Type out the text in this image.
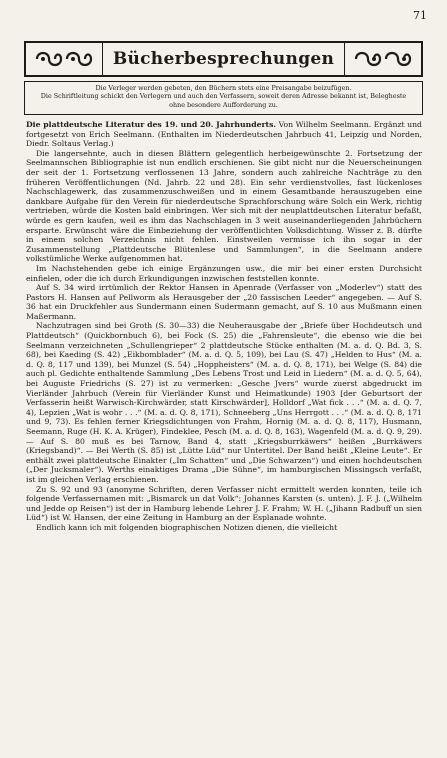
71
Bücherbesprechungen

Die Verleger werden gebeten, den Büchern stets eine Preisangabe beizufügen.

Die Schriftleitung schickt den Verlegern und auch den Verfassern, soweit deren Adresse bekannt ist, Belegheste ohne besondere Aufforderung zu.

Die plattdeutsche Literatur des 19. und 20. Jahrhunderts. Von Wilhelm Seelmann. Ergänzt und fortgesetzt von Erich Seelmann. (Enthalten im Niederdeutschen Jahrbuch 41, Leipzig und Norden, Diedr. Soltaus Verlag.)

Die langersehnte, auch in diesen Blättern gelegentlich herbeigewünschte 2. Fortsetzung der Seelmannschen Bibliographie ist nun endlich erschienen. Sie gibt nicht nur die Neuerscheinungen der seit der 1. Fortsetzung verflossenen 13 Jahre, sondern auch zahlreiche Nachträge zu den früheren Veröffentlichungen (Nd. Jahrb. 22 und 28). Ein sehr verdienstvolles, fast lückenloses Nachschlagewerk, das zusammenzuschweißen und in einem Gesamtbande herauszugeben eine dankbare Aufgabe für den Verein für niederdeutsche Sprachforschung wäre Solch ein Werk, richtig vertrieben, würde die Kosten bald einbringen. Wer sich mit der neuplattdeutschen Literatur befaßt, würde es gern kaufen, weil es ihm das Nachschlagen in 3 weit auseinanderliegenden Jahrbüchern ersparte. Erwünscht wäre die Einbeziehung der veröffentlichten Volksdichtung. Wisser z. B. dürfte in einem solchen Verzeichnis nicht fehlen. Einstweilen vermisse ich ihn sogar in der Zusammenstellung „Plattdeutsche Blütenlese und Sammlungen“, in die Seelmann andere volkstümliche Werke aufgenommen hat.

Im Nachstehenden gebe ich einige Ergänzungen usw., die mir bei einer ersten Durchsicht einfielen, oder die ich durch Erkundigungen inzwischen feststellen konnte.

Auf S. 34 wird irrtümlich der Rektor Hansen in Apenrade (Verfasser von „Moderlev“) statt des Pastors H. Hansen auf Pellworm als Herausgeber der „20 fassischen Leeder“ angegeben. — Auf S. 36 hat ein Druckfehler aus Sundermann einen Sudermann gemacht, auf S. 10 aus Mußmann einen Maßermann.

Nachzutragen sind bei Groth (S. 30—33) die Neuherausgabe der „Briefe über Hochdeutsch und Plattdeutsch“ (Quickbornbuch 6), bei Fock (S. 25) die „Fahrensleute“, die ebenso wie die bei Seelmann verzeichneten „Schullengrieper“ 2 plattdeutsche Stücke enthalten (M. a. d. Q. Bd. 3, S. 68), bei Kaeding (S. 42) „Eikbomblader“ (M. a. d. Q. 5, 109), bei Lau (S. 47) „Helden to Hus“ (M. a. d. Q. 8, 117 und 139), bei Munzel (S. 54) „Hoppheisters“ (M. a. d. Q. 8, 171), bei Welge (S. 84) die auch pl. Gedichte enthaltende Sammlung „Des Lebens Trost und Leid in Liedern“ (M. a. d. Q. 5, 64), bei Auguste Friedrichs (S. 27) ist zu vermerken: „Gesche Jvers“ wurde zuerst abgedruckt im Vierländer Jahrbuch (Verein für Vierländer Kunst und Heimatkunde) 1903 [der Geburtsort der Verfasserin heißt Warwisch-Kirchwärder, statt Kirschwärder], Holldorf „Wat fick . . .“ (M. a. d. Q. 7, 4), Lepzien „Wat is wohr . . .“ (M. a. d. Q. 8, 171), Schneeberg „Uns Herrgott . . .“ (M. a. d. Q. 8, 171 und 9, 73). Es fehlen ferner Kriegsdichtungen von Frahm, Hornig (M. a. d. Q. 8, 117), Husmann, Seemann, Ruge (H. K. A. Krüger), Findeklee, Pesch (M. a. d. Q. 8, 163), Wagenfeld (M. a. d. Q. 9, 29). — Auf S. 80 muß es bei Tarnow, Band 4, statt „Kriegsburrkäwers“ heißen „Burrkäwers (Kriegsband)“. — Bei Werth (S. 85) ist „Lütte Lüd“ nur Untertitel. Der Band heißt „Kleine Leute“. Er enthält zwei plattdeutsche Einakter („Im Schatten“ und „Die Schwarzen“) und einen hochdeutschen („Der Jucksmaler“). Werths einaktiges Drama „Die Sühne“, im hamburgischen Missingsch verfaßt, ist im gleichen Verlag erschienen.

Zu S. 92 und 93 (anonyme Schriften, deren Verfasser nicht ermittelt werden konnten, teile ich folgende Verfassernamen mit: „Bismarck un dat Volk“: Johannes Karsten (s. unten). J. F. J. („Wilhelm und Jedde op Reisen“) ist der in Hamburg lebende Lehrer J. F. Frahm; W. H. („Jihann Radbuff un sien Lüd“) ist W. Hansen, der eine Zeitung in Hamburg an der Esplanade wohnte.

Endlich kann ich mit folgenden biographischen Notizen dienen, die vielleicht
